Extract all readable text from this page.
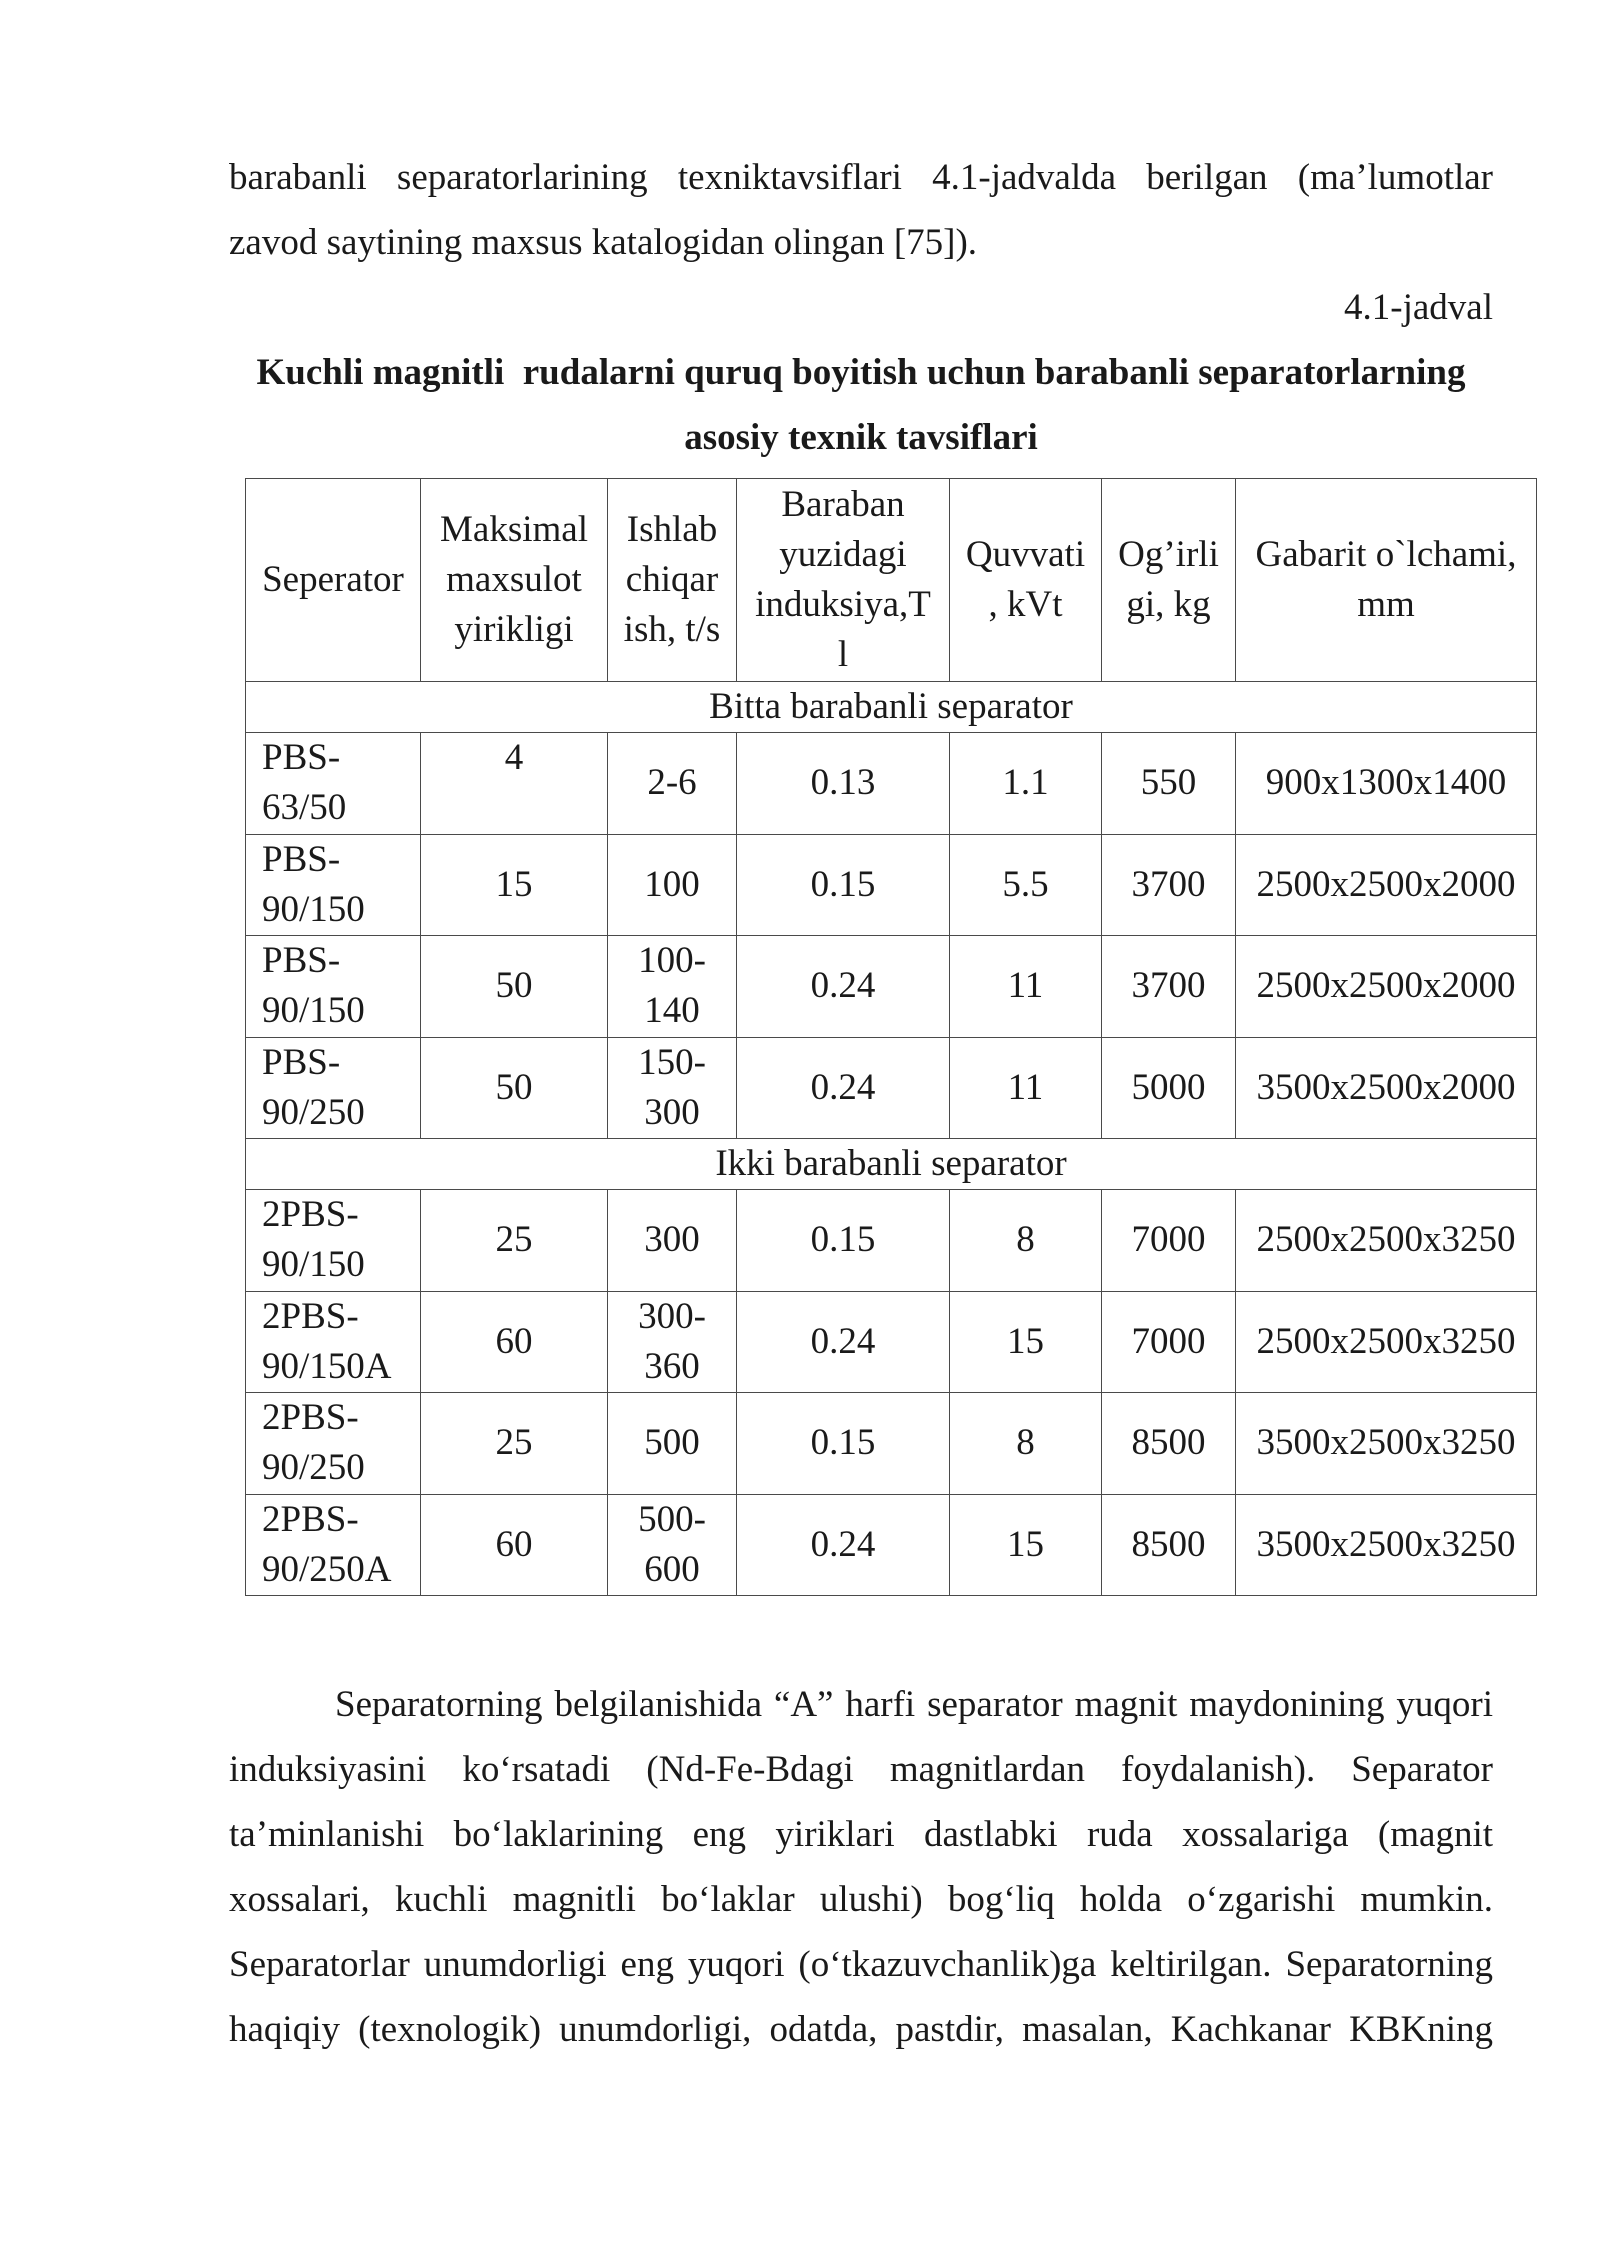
barabanli separatorlarining texniktavsiflari 4.1-jadvalda berilgan (ma’lumotlar
zavod saytining maxsus katalogidan olingan [75]).
4.1-jadval
Kuchli magnitli  rudalarni quruq boyitish uchun barabanli separatorlarning
asosiy texnik tavsiflari
Seperator	Maksimal
maxsulot
yirikligi	Ishlab
chiqar
ish, t/s	Baraban
yuzidagi
induksiya,T
l	Quvvati
, kVt	Og’irli
gi, kg	Gabarit o`lchami,
mm
Bitta barabanli separator						
PBS-
63/50	4	2-6	0.13	1.1	550	900x1300x1400
PBS-
90/150	15	100	0.15	5.5	3700	2500x2500x2000
PBS-
90/150	50	100-
140	0.24	11	3700	2500x2500x2000
PBS-
90/250	50	150-
300	0.24	11	5000	3500x2500x2000
Ikki barabanli separator						
2PBS-
90/150	25	300	0.15	8	7000	2500x2500x3250
2PBS-
90/150A	60	300-
360	0.24	15	7000	2500x2500x3250
2PBS-
90/250	25	500	0.15	8	8500	3500x2500x3250
2PBS-
90/250A	60	500-
600	0.24	15	8500	3500x2500x3250
Separatorning belgilanishida “A” harfi separator magnit maydonining yuqori
induksiyasini ko‘rsatadi (Nd-Fe-Bdagi magnitlardan foydalanish). Separator
ta’minlanishi bo‘laklarining eng yiriklari dastlabki ruda xossalariga (magnit
xossalari, kuchli magnitli bo‘laklar ulushi) bog‘liq holda o‘zgarishi mumkin.
Separatorlar unumdorligi eng yuqori (o‘tkazuvchanlik)ga keltirilgan. Separatorning
haqiqiy (texnologik) unumdorligi, odatda, pastdir, masalan, Kachkanar KBKning
